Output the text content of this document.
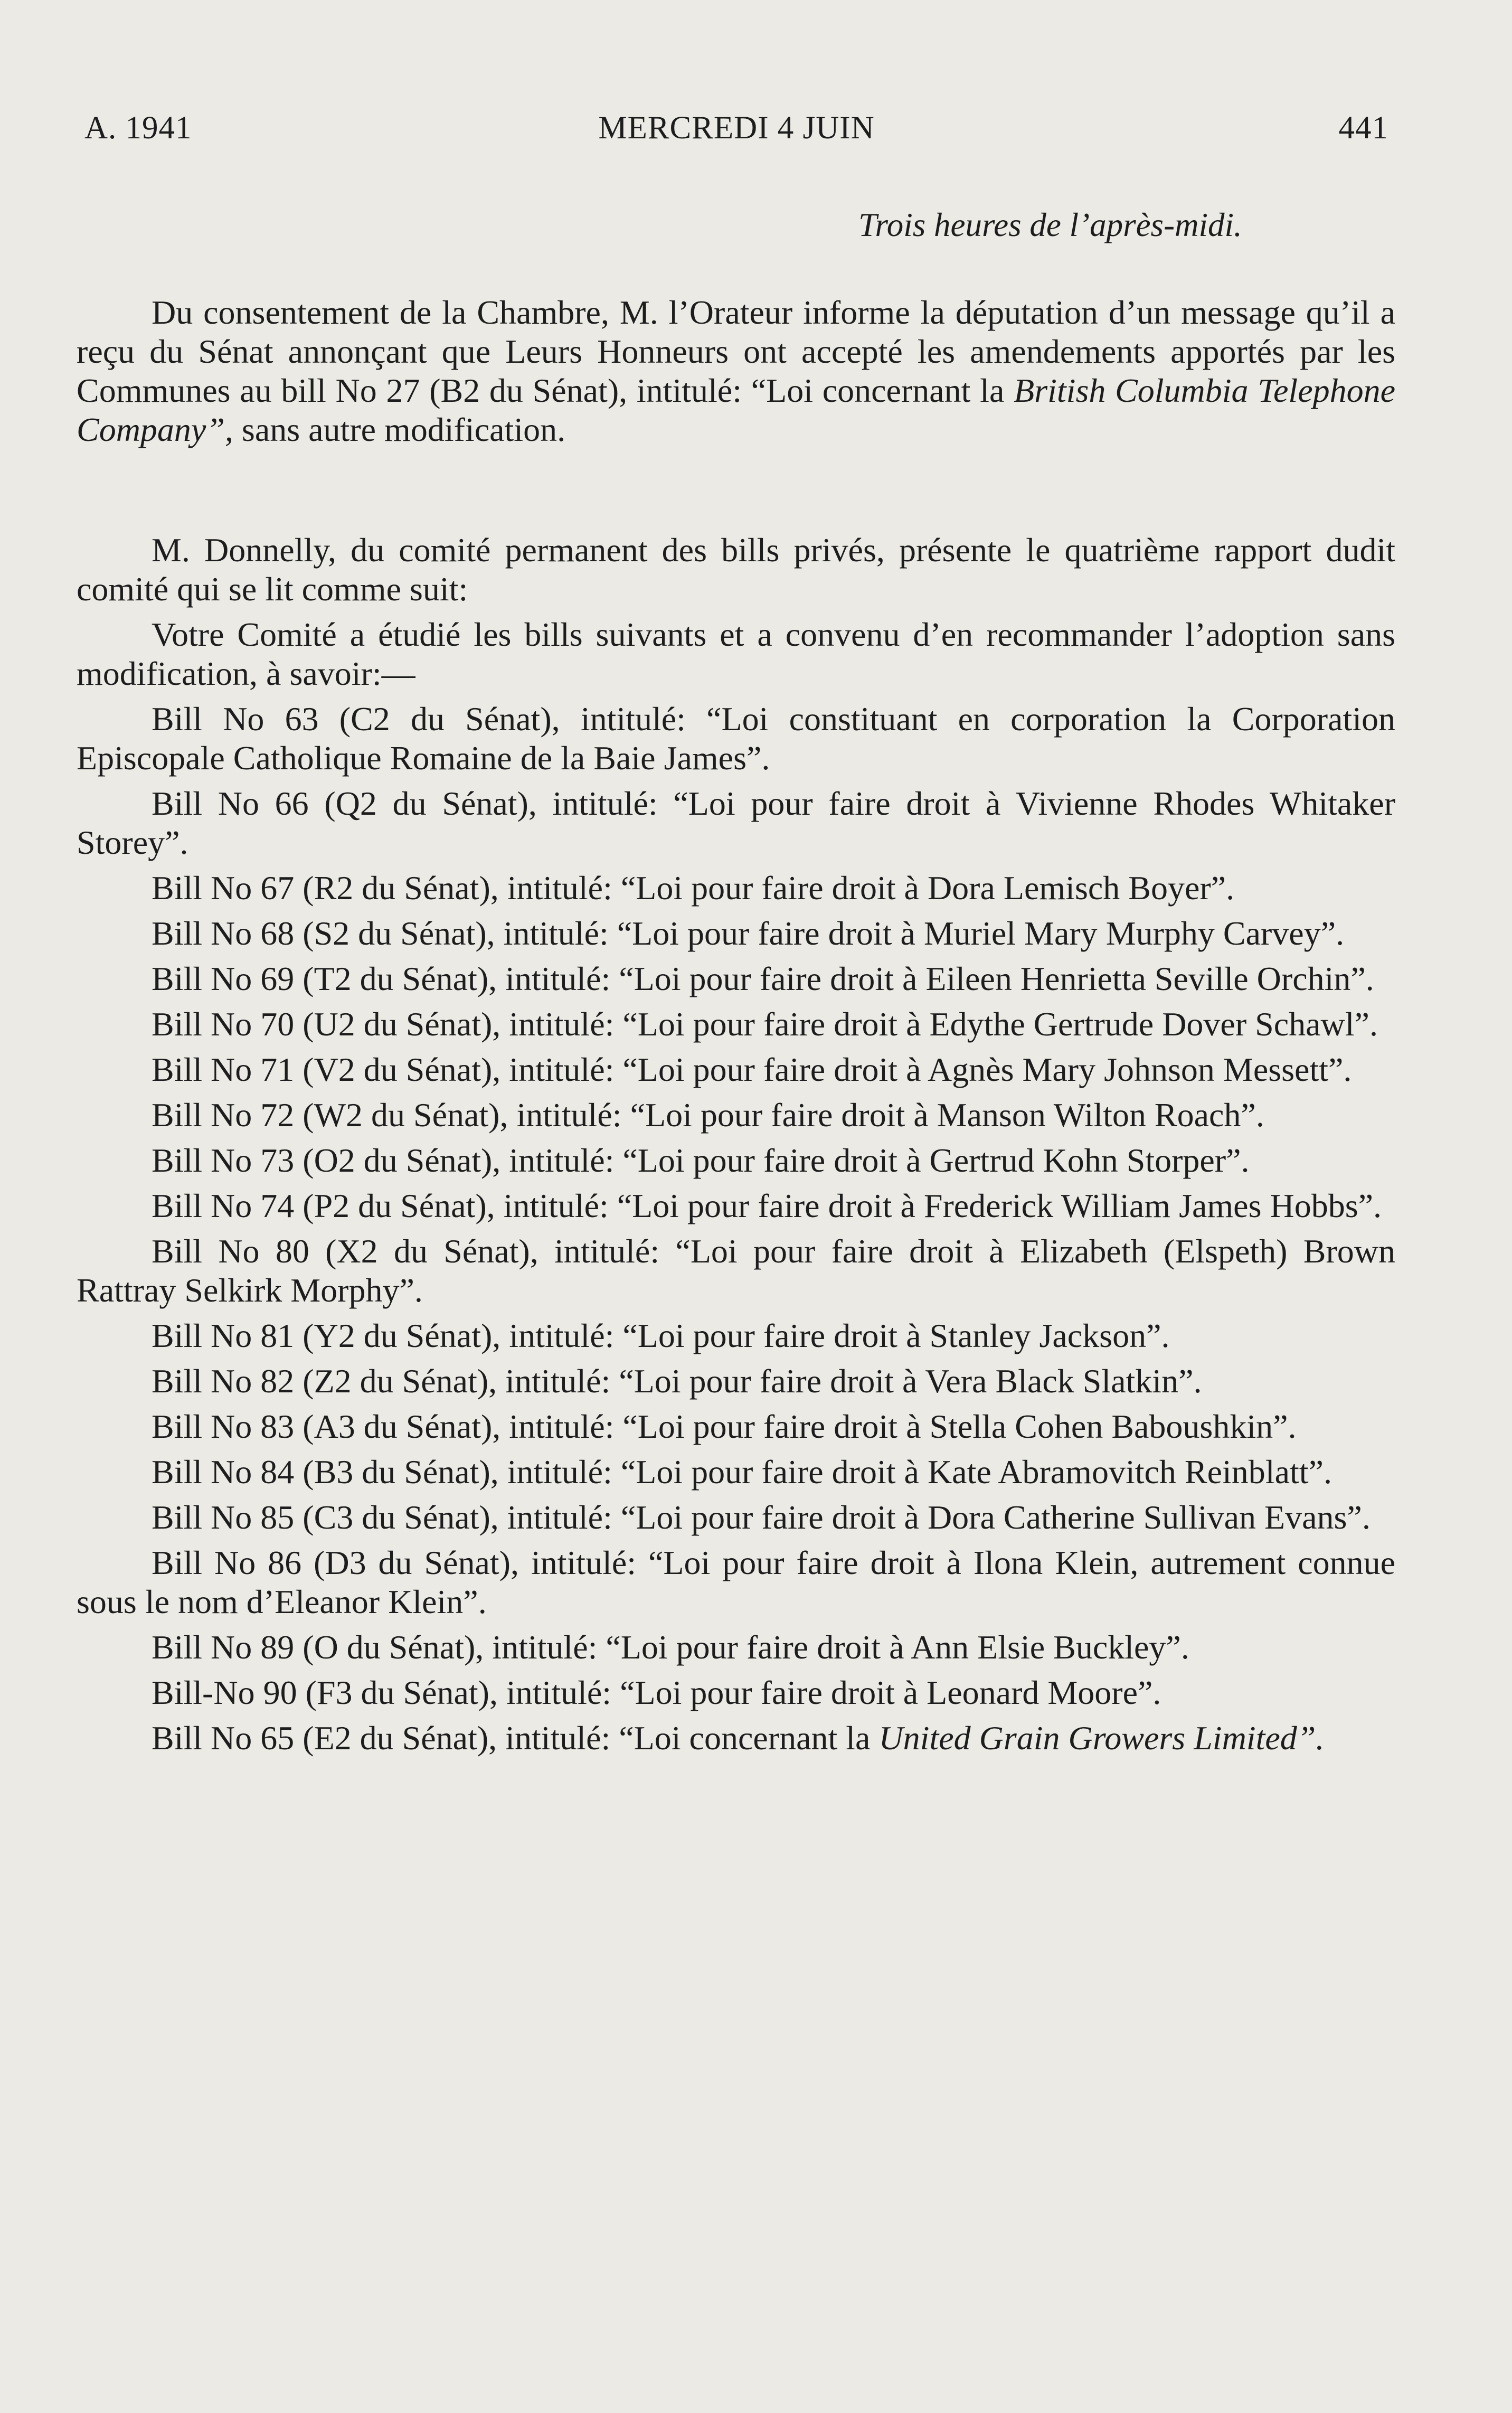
A. 1941	MERCREDI 4 JUIN	441
Trois heures de l’après-midi.

Du consentement de la Chambre, M. l’Orateur informe la députation d’un message qu’il a reçu du Sénat annonçant que Leurs Honneurs ont accepté les amendements apportés par les Communes au bill No 27 (B2 du Sénat), intitulé: “Loi concernant la British Columbia Telephone Company”, sans autre modification.

M. Donnelly, du comité permanent des bills privés, présente le quatrième rapport dudit comité qui se lit comme suit:

Votre Comité a étudié les bills suivants et a convenu d’en recommander l’adoption sans modification, à savoir:—

Bill No 63 (C2 du Sénat), intitulé: “Loi constituant en corporation la Corporation Episcopale Catholique Romaine de la Baie James”.

Bill No 66 (Q2 du Sénat), intitulé: “Loi pour faire droit à Vivienne Rhodes Whitaker Storey”.

Bill No 67 (R2 du Sénat), intitulé: “Loi pour faire droit à Dora Lemisch Boyer”.

Bill No 68 (S2 du Sénat), intitulé: “Loi pour faire droit à Muriel Mary Murphy Carvey”.

Bill No 69 (T2 du Sénat), intitulé: “Loi pour faire droit à Eileen Henrietta Seville Orchin”.

Bill No 70 (U2 du Sénat), intitulé: “Loi pour faire droit à Edythe Gertrude Dover Schawl”.

Bill No 71 (V2 du Sénat), intitulé: “Loi pour faire droit à Agnès Mary Johnson Messett”.

Bill No 72 (W2 du Sénat), intitulé: “Loi pour faire droit à Manson Wilton Roach”.

Bill No 73 (O2 du Sénat), intitulé: “Loi pour faire droit à Gertrud Kohn Storper”.

Bill No 74 (P2 du Sénat), intitulé: “Loi pour faire droit à Frederick William James Hobbs”.

Bill No 80 (X2 du Sénat), intitulé: “Loi pour faire droit à Elizabeth (Elspeth) Brown Rattray Selkirk Morphy”.

Bill No 81 (Y2 du Sénat), intitulé: “Loi pour faire droit à Stanley Jackson”.

Bill No 82 (Z2 du Sénat), intitulé: “Loi pour faire droit à Vera Black Slatkin”.

Bill No 83 (A3 du Sénat), intitulé: “Loi pour faire droit à Stella Cohen Baboushkin”.

Bill No 84 (B3 du Sénat), intitulé: “Loi pour faire droit à Kate Abramovitch Reinblatt”.

Bill No 85 (C3 du Sénat), intitulé: “Loi pour faire droit à Dora Catherine Sullivan Evans”.

Bill No 86 (D3 du Sénat), intitulé: “Loi pour faire droit à Ilona Klein, autrement connue sous le nom d’Eleanor Klein”.

Bill No 89 (O du Sénat), intitulé: “Loi pour faire droit à Ann Elsie Buckley”.

Bill-No 90 (F3 du Sénat), intitulé: “Loi pour faire droit à Leonard Moore”.

Bill No 65 (E2 du Sénat), intitulé: “Loi concernant la United Grain Growers Limited”.
